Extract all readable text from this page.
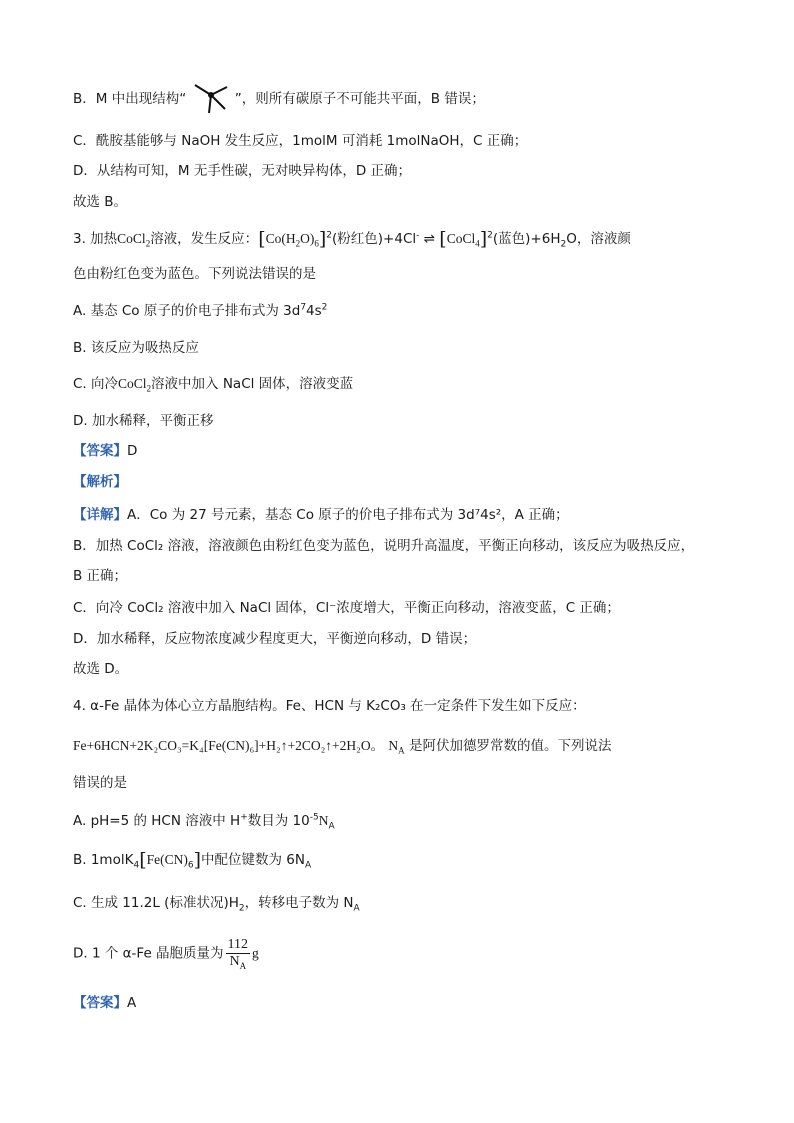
B．M 中出现结构“	”，则所有碳原子不可能共平面，B 错误；
C．酰胺基能够与 NaOH 发生反应，1molM 可消耗 1molNaOH，C 正确；
D．从结构可知，M 无手性碳，无对映异构体，D 正确；
故选 B。
3. 加热CoCl$_2$溶液，发生反应：$[Co(H_2O)_6]^2$(粉红色)+4Cl- ⇌ [CoCl$_4$]$^2$(蓝色)$+6H_2O$，溶液颜
色由粉红色变为蓝色。下列说法错误的是
A. 基态 Co 原子的价电子排布式为 $3d^74s^2$
B. 该反应为吸热反应
C. 向冷CoCl$_2$溶液中加入 NaCl 固体，溶液变蓝
D. 加水稀释，平衡正移
【答案】D
【解析】
【详解】A．Co 为 27 号元素，基态 Co 原子的价电子排布式为 3d⁷4s²，A 正确；
B．加热 CoCl₂ 溶液，溶液颜色由粉红色变为蓝色，说明升高温度，平衡正向移动，该反应为吸热反应，
B 正确；
C．向冷 CoCl₂ 溶液中加入 NaCl 固体，Cl⁻浓度增大，平衡正向移动，溶液变蓝，C 正确；
D．加水稀释，反应物浓度减少程度更大，平衡逆向移动，D 错误；
故选 D。
4. α-Fe 晶体为体心立方晶胞结构。Fe、HCN 与 K₂CO₃ 在一定条件下发生如下反应：
Fe+6HCN+2K₂CO₃=K₄[Fe(CN)₆]+H₂↑+2CO₂↑+2H₂O。 $N_A$ 是阿伏加德罗常数的值。下列说法
错误的是
A. pH=5 的 HCN 溶液中 H+数目为 $10^{-5}N_A$
B. $1molK_4[Fe(CN)_6]$中配位键数为 $6N_A$
C. 生成 11.2L (标准状况)$H_2$，转移电子数为 $N_A$
D. 1 个 α-Fe 晶胞质量为 $\frac{112}{N_A}$ g
【答案】A
